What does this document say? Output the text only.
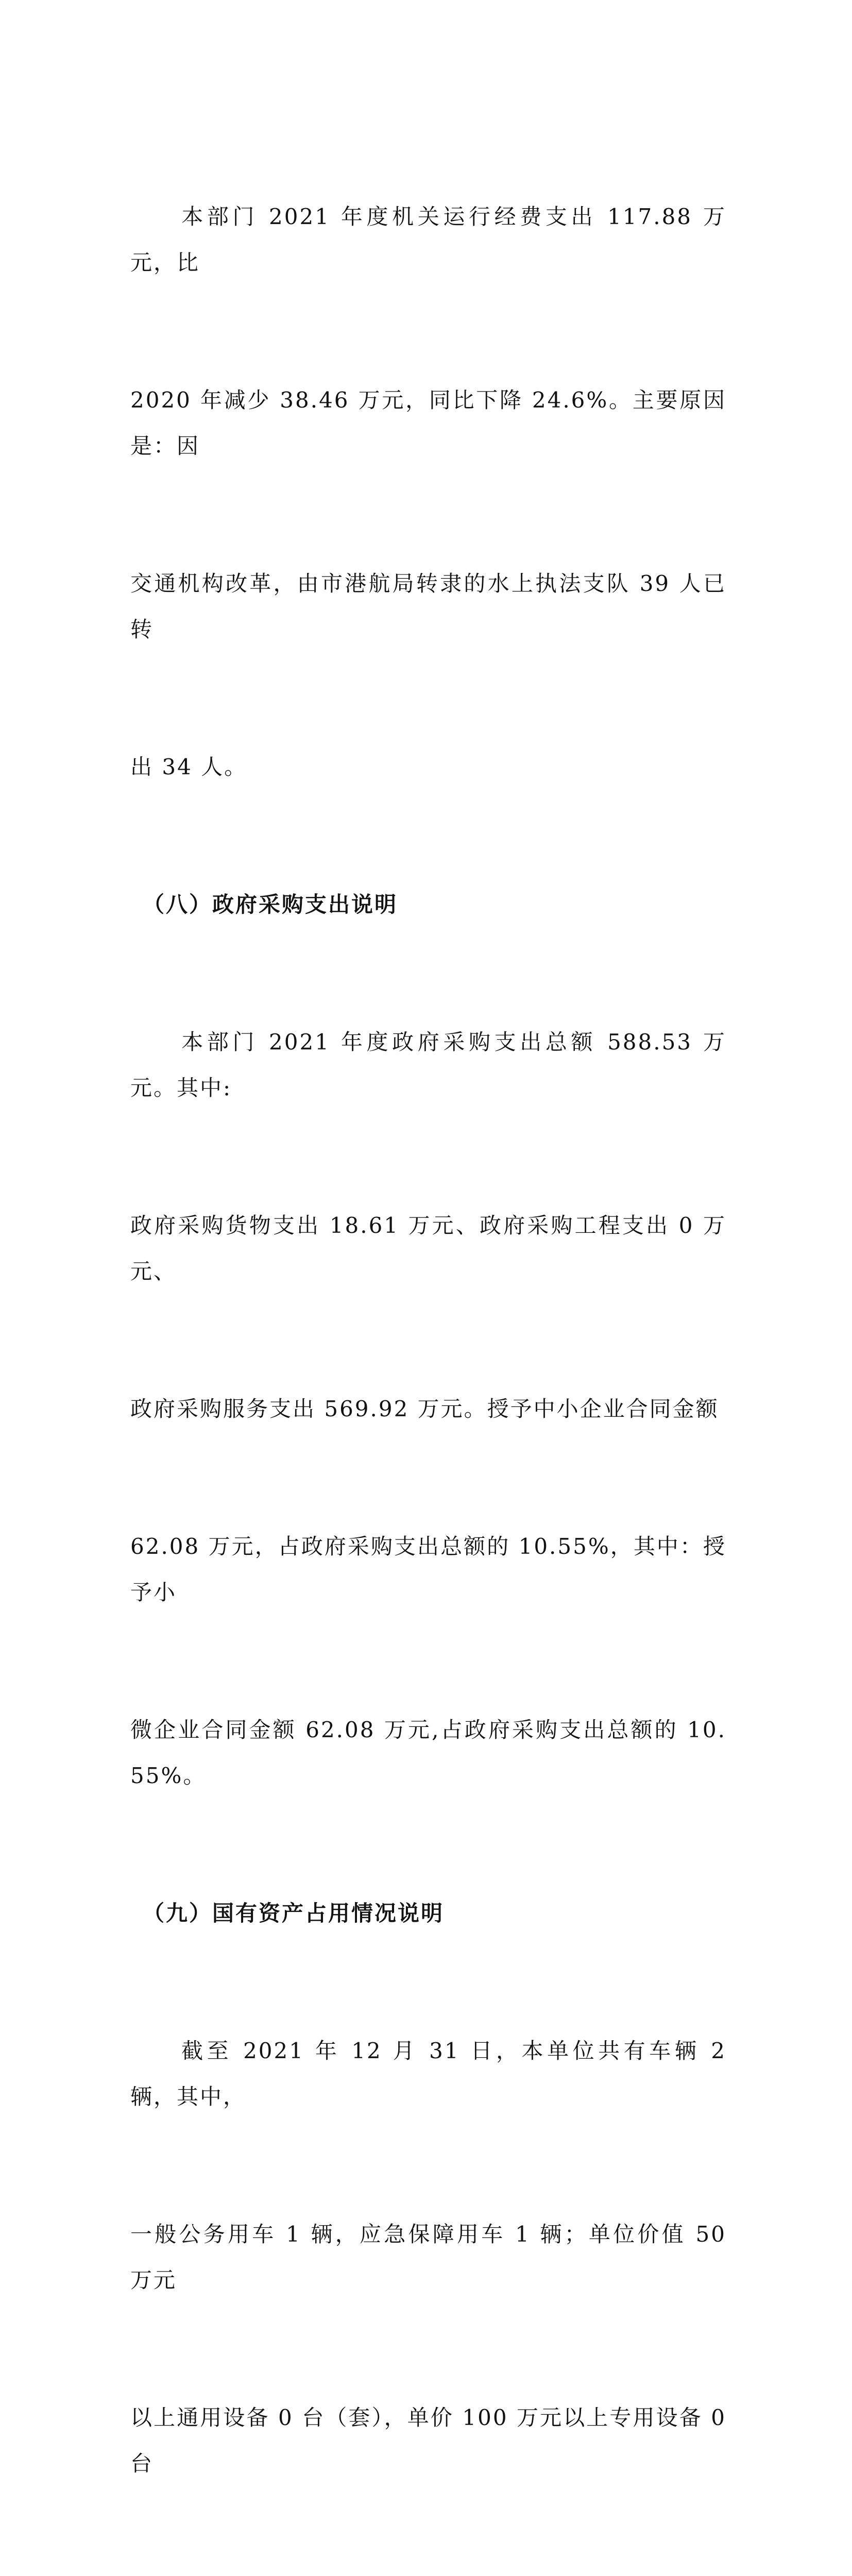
　　本部门 2021 年度机关运行经费支出 117.88 万元，比

2020 年减少 38.46 万元，同比下降 24.6%。主要原因是：因

交通机构改革，由市港航局转隶的水上执法支队 39 人已转

出 34 人。

　（八）政府采购支出说明

　　本部门 2021 年度政府采购支出总额 588.53 万元。其中:

政府采购货物支出 18.61 万元、政府采购工程支出 0 万元、

政府采购服务支出 569.92 万元。授予中小企业合同金额

62.08 万元，占政府采购支出总额的 10.55%，其中：授予小

微企业合同金额 62.08 万元,占政府采购支出总额的 10.55%。

　（九）国有资产占用情况说明

　　截至 2021 年 12 月 31 日，本单位共有车辆 2 辆，其中，

一般公务用车 1 辆，应急保障用车 1 辆；单位价值 50 万元

以上通用设备 0 台（套），单价 100 万元以上专用设备 0 台
